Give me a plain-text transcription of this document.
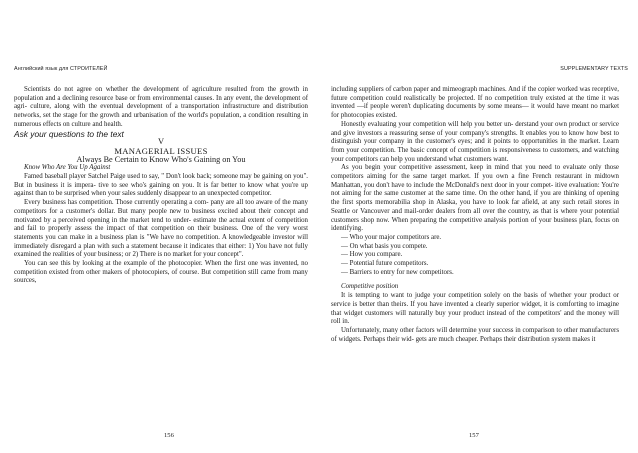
Английский язык для СТРОИТЕЛЕЙ

Scientists do not agree on whether the development of agriculture resulted from the growth in population and a declining resource base or from environmental causes. In any event, the development of agri- culture, along with the eventual development of a transportation infrastructure and distribution networks, set the stage for the growth and urbanisation of the world's population, a condition resulting in numerous effects on culture and health.

Ask your questions to the text

V

MANAGERIAL ISSUES

Always Be Certain to Know Who's Gaining on You

Know Who Are You Up Against

Famed baseball player Satchel Paige used to say, " Don't look back; someone may be gaining on you". But in business it is impera- tive to see who's gaining on you. It is far better to know what you're up against than to be surprised when your sales suddenly disappear to an unexpected competitor.

Every business has competition. Those currently operating a com- pany are all too aware of the many competitors for a customer's dollar. But many people new to business excited about their concept and motivated by a perceived opening in the market tend to under- estimate the actual extent of competition and fail to properly assess the impact of that competition on their business. One of the very worst statements you can make in a business plan is "We have no competition. A knowledgeable investor will immediately disregard a plan with such a statement because it indicates that either: 1) You have not fully examined the realities of your business; or 2) There is no market for your concept".

You can see this by looking at the example of the photocopier. When the first one was invented, no competition existed from other makers of photocopiers, of course. But competition still came from many sources,

156
SUPPLEMENTARY TEXTS

including suppliers of carbon paper and mimeograph machines. And if the copier worked was receptive, future competition could realistically be projected. If no competition truly existed at the time it was invented —if people weren't duplicating documents by some means— it would have meant no market for photocopies existed.

Honestly evaluating your competition will help you better un- derstand your own product or service and give investors a reassuring sense of your company's strengths. It enables you to know how best to distinguish your company in the customer's eyes; and it points to opportunities in the market. Learn from your competition. The basic concept of competition is responsiveness to customers, and watching your competitors can help you understand what customers want.

As you begin your competitive assessment, keep in mind that you need to evaluate only those competitors aiming for the same target market. If you own a fine French restaurant in midtown Manhattan, you don't have to include the McDonald's next door in your compet- itive evaluation: You're not aiming for the same customer at the same time. On the other hand, if you are thinking of opening the first sports memorabilia shop in Alaska, you have to look far afield, at any such retail stores in Seattle or Vancouver and mail-order dealers from all over the country, as that is where your potential customers shop now. When preparing the competitive analysis portion of your business plan, focus on identifying.

— Who your major competitors are.

— On what basis you compete.

— How you compare.

— Potential future competitors.

— Barriers to entry for new competitors.

Competitive position

It is tempting to want to judge your competition solely on the basis of whether your product or service is better than theirs. If you have invented a clearly superior widget, it is comforting to imagine that widget customers will naturally buy your product instead of the competitors' and the money will roll in.

Unfortunately, many other factors will determine your success in comparison to other manufacturers of widgets. Perhaps their wid- gets are much cheaper. Perhaps their distribution system makes it

157
